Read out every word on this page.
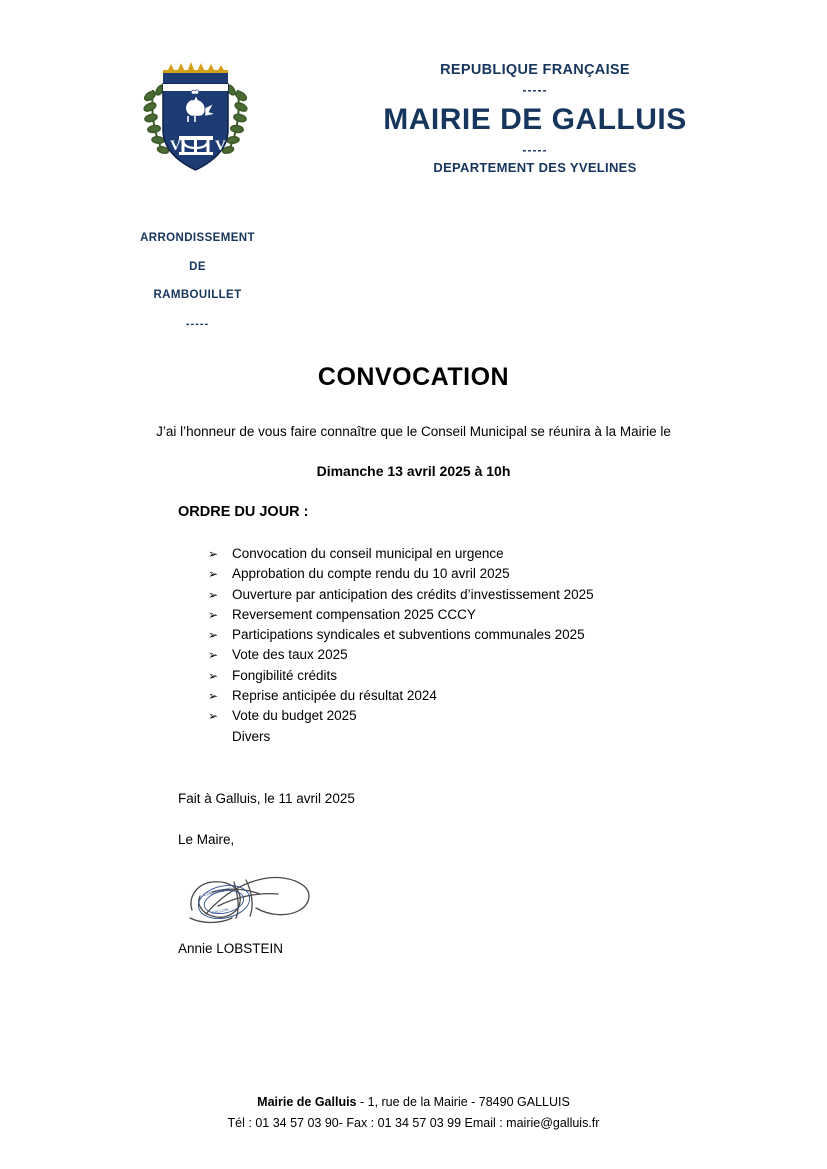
V V
REPUBLIQUE FRANÇAISE
-----
MAIRIE DE GALLUIS
-----
DEPARTEMENT DES YVELINES
ARRONDISSEMENT
DE
RAMBOUILLET
-----
CONVOCATION
J’ai l’honneur de vous faire connaître que le Conseil Municipal se réunira à la Mairie le
Dimanche 13 avril 2025 à 10h
ORDRE DU JOUR :
➢	Convocation du conseil municipal en urgence
➢	Approbation du compte rendu du 10 avril 2025
➢	Ouverture par anticipation des crédits d’investissement 2025
➢	Reversement compensation 2025 CCCY
➢	Participations syndicales et subventions communales 2025
➢	Vote des taux 2025
➢	Fongibilité crédits
➢	Reprise anticipée du résultat 2024
➢	Vote du budget 2025
Divers
Fait à Galluis, le 11 avril 2025
Le Maire,
COMMUNE DE
GALLUIS
Annie LOBSTEIN
Mairie de Galluis - 1, rue de la Mairie - 78490 GALLUIS
Tél : 01 34 57 03 90- Fax : 01 34 57 03 99 Email : mairie@galluis.fr
